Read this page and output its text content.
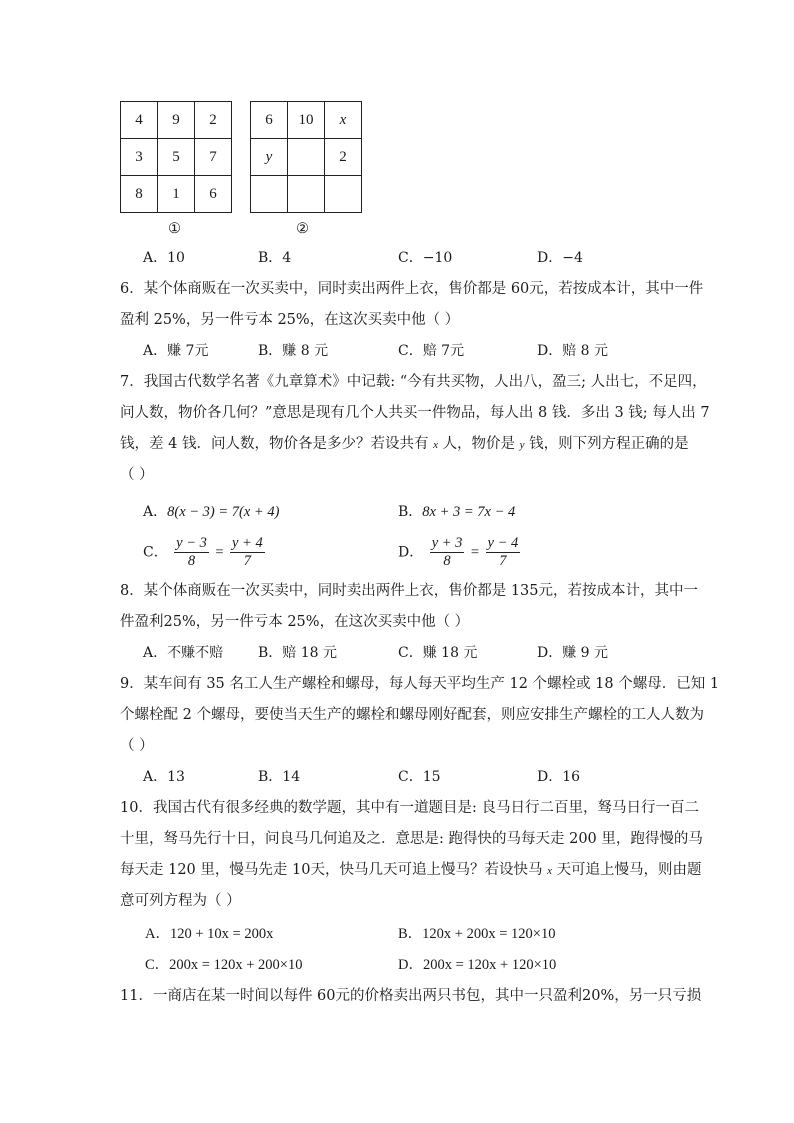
4	9	2
3	5	7
8	1	6
①
6	10	x
y		2

②
A．10	B．4	C．−10	D．−4
6．某个体商贩在一次买卖中，同时卖出两件上衣，售价都是 60元，若按成本计，其中一件
盈利 25%，另一件亏本 25%，在这次买卖中他（ ）
A．赚 7元	B．赚 8 元	C．赔 7元	D．赔 8 元
7．我国古代数学名著《九章算术》中记载: “今有共买物，人出八，盈三; 人出七，不足四，
问人数，物价各几何？”意思是现有几个人共买一件物品，每人出 8 钱．多出 3 钱; 每人出 7
钱，差 4 钱．问人数，物价各是多少？若设共有 x 人，物价是 y 钱，则下列方程正确的是
（ ）
A．8(x − 3) = 7(x + 4)	B．8x + 3 = 7x − 4
C． $\frac{y - 3}{8} = \frac{y + 4}{7}$	D． $\frac{y + 3}{8} = \frac{y - 4}{7}$
8．某个体商贩在一次买卖中，同时卖出两件上衣，售价都是 135元，若按成本计，其中一
件盈利25%，另一件亏本 25%，在这次买卖中他（ ）
A．不赚不赔 B．赔 18 元	C．赚 18 元	D．赚 9 元
9．某车间有 35 名工人生产螺栓和螺母，每人每天平均生产 12 个螺栓或 18 个螺母．已知 1
个螺栓配 2 个螺母，要使当天生产的螺栓和螺母刚好配套，则应安排生产螺栓的工人人数为
（ ）
A．13	B．14	C．15	D．16
10．我国古代有很多经典的数学题，其中有一道题目是: 良马日行二百里，驽马日行一百二
十里，驽马先行十日，问良马几何追及之．意思是: 跑得快的马每天走 200 里，跑得慢的马
每天走 120 里，慢马先走 10天，快马几天可追上慢马？若设快马 x 天可追上慢马，则由题
意可列方程为（ ）
A．120 + 10x = 200x	B．120x + 200x = 120×10
C．200x = 120x + 200×10	D．200x = 120x + 120×10
11．一商店在某一时间以每件 60元的价格卖出两只书包，其中一只盈利20%，另一只亏损
